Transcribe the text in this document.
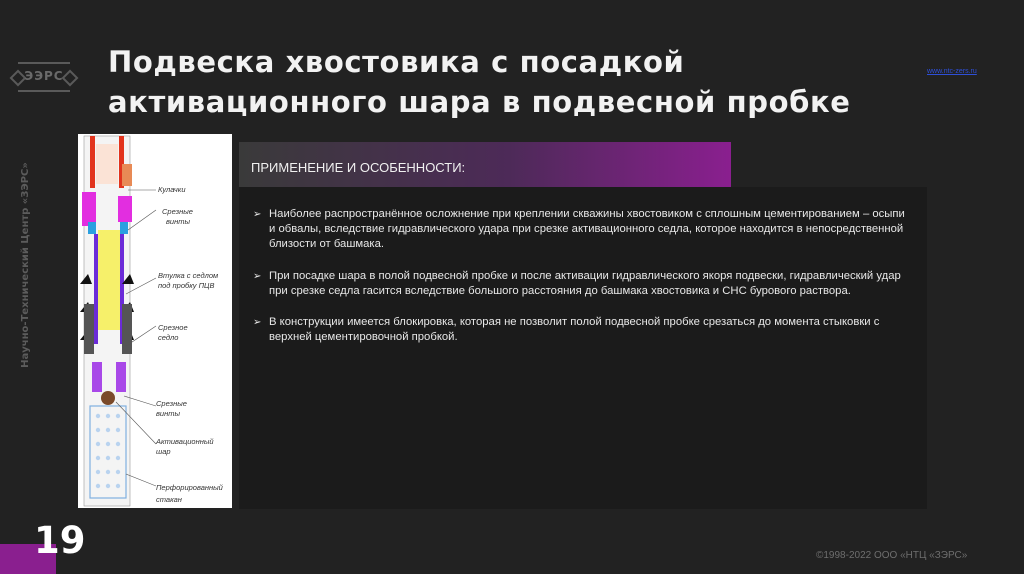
ЭЭРС
Научно-Технический Центр «ЗЭРС»
Подвеска хвостовика с посадкой
активационного шара в подвесной пробке
www.ntc-zers.ru
Кулачки
Срезные
винты
Втулка с седлом
под пробку ПЦВ
Срезное
седло
Срезные
винты
Активационный
шар
Перфорированный
стакан
ПРИМЕНЕНИЕ И ОСОБЕННОСТИ:
➢ Наиболее распространённое осложнение при креплении скважины хвостовиком с сплошным цементированием – осыпи и обвалы, вследствие гидравлического удара при срезке активационного седла, которое находится в непосредственной близости от башмака.
➢ При посадке шара в полой подвесной пробке и после активации гидравлического якоря подвески, гидравлический удар при срезке седла гасится вследствие большого расстояния до башмака хвостовика и СНС бурового раствора.
➢ В конструкции имеется блокировка, которая не позволит полой подвесной пробке срезаться до момента стыковки с верхней цементировочной пробкой.
19	©1998-2022 ООО «НТЦ «ЗЭРС»
